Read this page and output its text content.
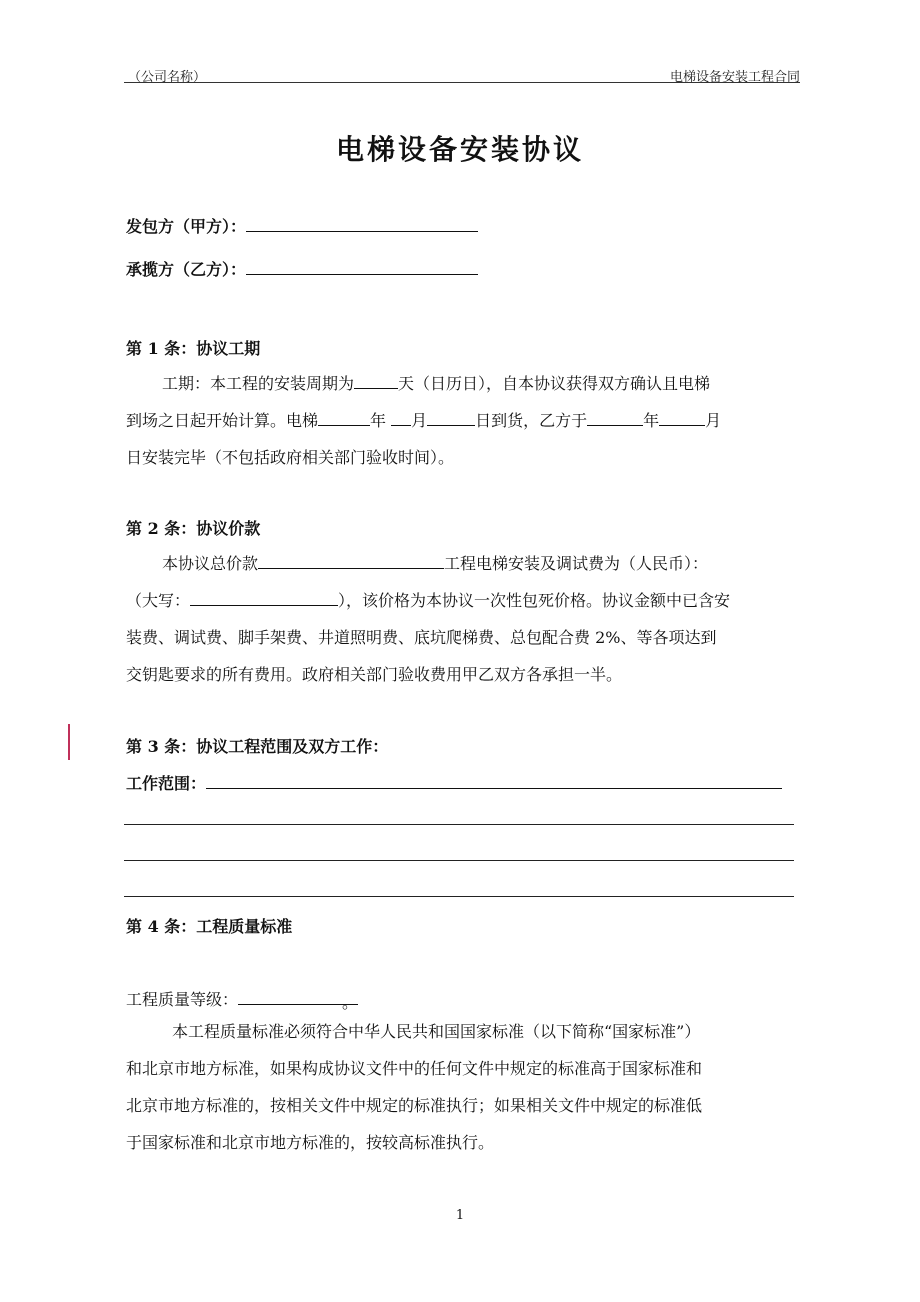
（公司名称）	电梯设备安装工程合同
电梯设备安装协议
发包方（甲方）：
承揽方（乙方）：
第 1 条：协议工期

工期：本工程的安装周期为	天（日历日），自本协议获得双方确认且电梯

到场之日起开始计算。电梯	年 月	日到货，乙方于	年	月

日安装完毕（不包括政府相关部门验收时间）。

第 2 条：协议价款

本协议总价款	工程电梯安装及调试费为（人民币）：

（大写：	），该价格为本协议一次性包死价格。协议金额中已含安

装费、调试费、脚手架费、井道照明费、底坑爬梯费、总包配合费 2%、等各项达到

交钥匙要求的所有费用。政府相关部门验收费用甲乙双方各承担一半。

第 3 条：协议工程范围及双方工作：
工作范围：
第 4 条：工程质量标准
工程质量等级：	。

本工程质量标准必须符合中华人民共和国国家标准（以下简称“国家标准”）

和北京市地方标准，如果构成协议文件中的任何文件中规定的标准高于国家标准和

北京市地方标准的，按相关文件中规定的标准执行；如果相关文件中规定的标准低

于国家标准和北京市地方标准的，按较高标准执行。

1
